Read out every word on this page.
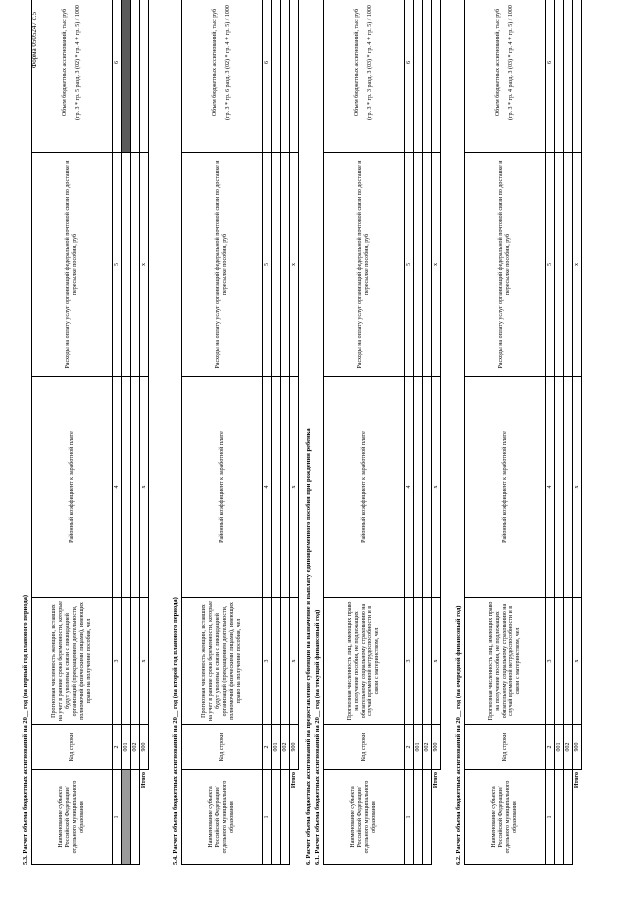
Форма 0505247 с.5

5.3. Расчет объема бюджетных ассигнований на 20__ год (на первый год планового периода)	Наименование субъекта Российской Федерации/отдельного муниципального образования	Код строки	Прогнозная численность женщин, вставших на учет в ранние сроки беременности, которые будут уволены в связи с ликвидацией организаций (прекращением деятельности, полномочий физическими лицами), имеющих право на получение пособия, чел	Районный коэффициент к заработной плате	Расходы на оплату услуг организаций федеральной почтовой связи по доставке и пересылке пособия, руб	Объем бюджетных ассигнований, тыс руб (гр. 3 * гр. 5 разд. 3 (02) * гр. 4 + гр. 5) / 1000
1	2	3	4	5	6
	001				
	002				
Итого	900	x	x	x	

5.4. Расчет объема бюджетных ассигнований на 20__ год (на второй год планового периода)	Наименование субъекта Российской Федерации/отдельного муниципального образования	Код строки	Прогнозная численность женщин, вставших на учет в ранние сроки беременности, которые будут уволены в связи с ликвидацией организаций (прекращением деятельности, полномочий физическими лицами), имеющих право на получение пособия, чел	Районный коэффициент к заработной плате	Расходы на оплату услуг организаций федеральной почтовой связи по доставке и пересылке пособия, руб	Объем бюджетных ассигнований, тыс руб (гр. 3 * гр. 6 разд. 3 (02) * гр. 4 + гр. 5) / 1000
1	2	3	4	5	6
	001				
	002				
Итого	900	x	x	x	

6. Расчет объема бюджетных ассигнований на предоставление субвенции на назначение и выплату единовременного пособия при рождении ребенка 6.1. Расчет объема бюджетных ассигнований на 20__ год (на текущий финансовый год)	Наименование субъекта Российской Федерации/отдельного муниципального образования	Код строки	Прогнозная численность лиц, имеющих право на получение пособия, не подлежащих обязательному социальному страхованию на случай временной нетрудоспособности и в связи с материнством, чел	Районный коэффициент к заработной плате	Расходы на оплату услуг организаций федеральной почтовой связи по доставке и пересылке пособия, руб	Объем бюджетных ассигнований, тыс руб (гр. 3 * гр. 3 разд. 3 (03) * гр. 4 + гр. 5) / 1000
1	2	3	4	5	6
	001				
	002				
Итого	900	x	x	x	

6.2. Расчет объема бюджетных ассигнований на 20__ год (на очередной финансовый год)	Наименование субъекта Российской Федерации/отдельного муниципального образования	Код строки	Прогнозная численность лиц, имеющих право на получение пособия, не подлежащих обязательному социальному страхованию на случай временной нетрудоспособности и в связи с материнством, чел	Районный коэффициент к заработной плате	Расходы на оплату услуг организаций федеральной почтовой связи по доставке и пересылке пособия, руб	Объем бюджетных ассигнований, тыс руб (гр. 3 * гр. 4 разд. 3 (03) * гр. 4 + гр. 5) / 1000
1	2	3	4	5	6
	001				
	002				
Итого	900	x	x	x	
